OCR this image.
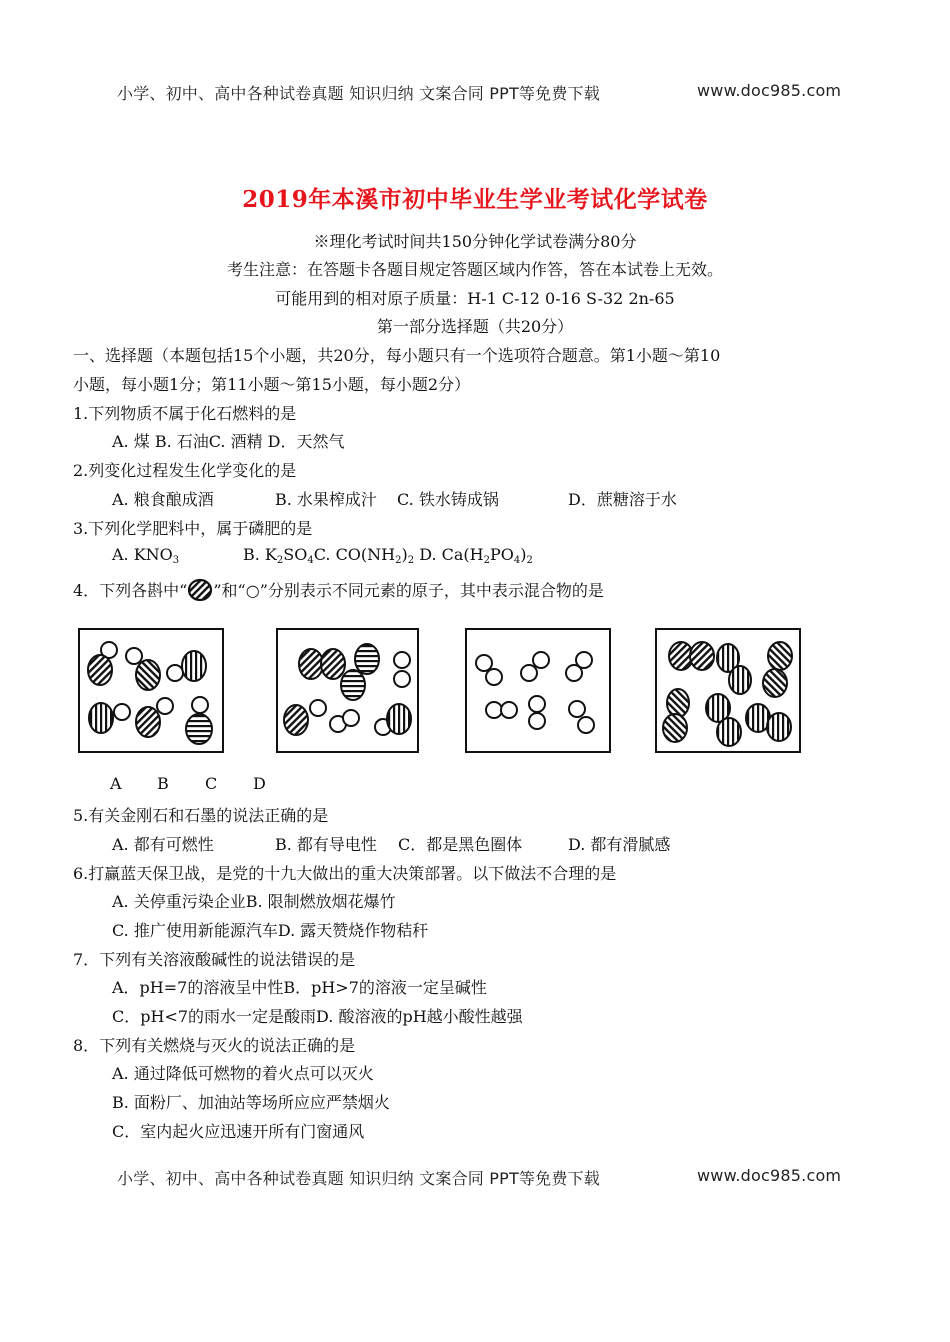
小学、初中、高中各种试卷真题 知识归纳 文案合同 PPT等免费下载	www.doc985.com
2019年本溪市初中毕业生学业考试化学试卷
※理化考试时间共150分钟化学试卷满分80分
考生注意：在答题卡各题目规定答题区域内作答，答在本试卷上无效。
可能用到的相对原子质量：H-1 C-12 0-16 S-32 2n-65
第一部分选择题（共20分）
一、选择题（本题包括15个小题，共20分，每小题只有一个选项符合题意。第1小题～第10
小题，每小题1分；第11小题～第15小题，每小题2分）
1.下列物质不属于化石燃料的是
A. 煤 B. 石油C. 酒精 D．天然气
2.列变化过程发生化学变化的是
A. 粮食酿成酒	B. 水果榨成汁 C. 铁水铸成锅	D．蔗糖溶于水
3.下列化学肥料中，属于磷肥的是
A. $KNO_3$	B. $K_2SO_4C$. $CO(NH_2)_2$ D. $Ca(H_2PO_4)_2$
4．下列各斟中“ ”和“○”分别表示不同元素的原子，其中表示混合物的是
A B C D
5.有关金刚石和石墨的说法正确的是
A. 都有可燃性	B. 都有导电性 C．都是黑色圈体	D. 都有滑腻感
6.打赢蓝天保卫战，是党的十九大做出的重大决策部署。以下做法不合理的是
A. 关停重污染企业B. 限制燃放烟花爆竹
C. 推广使用新能源汽车D. 露天赞烧作物秸秆
7．下列有关溶液酸碱性的说法错误的是
A．pH=7的溶液呈中性B．pH>7的溶液一定呈碱性
C．pH<7的雨水一定是酸雨D. 酸溶液的pH越小酸性越强
8．下列有关燃烧与灭火的说法正确的是
A. 通过降低可燃物的着火点可以灭火
B. 面粉厂、加油站等场所应应严禁烟火
C．室内起火应迅速开所有门窗通风
小学、初中、高中各种试卷真题 知识归纳 文案合同 PPT等免费下载	www.doc985.com
